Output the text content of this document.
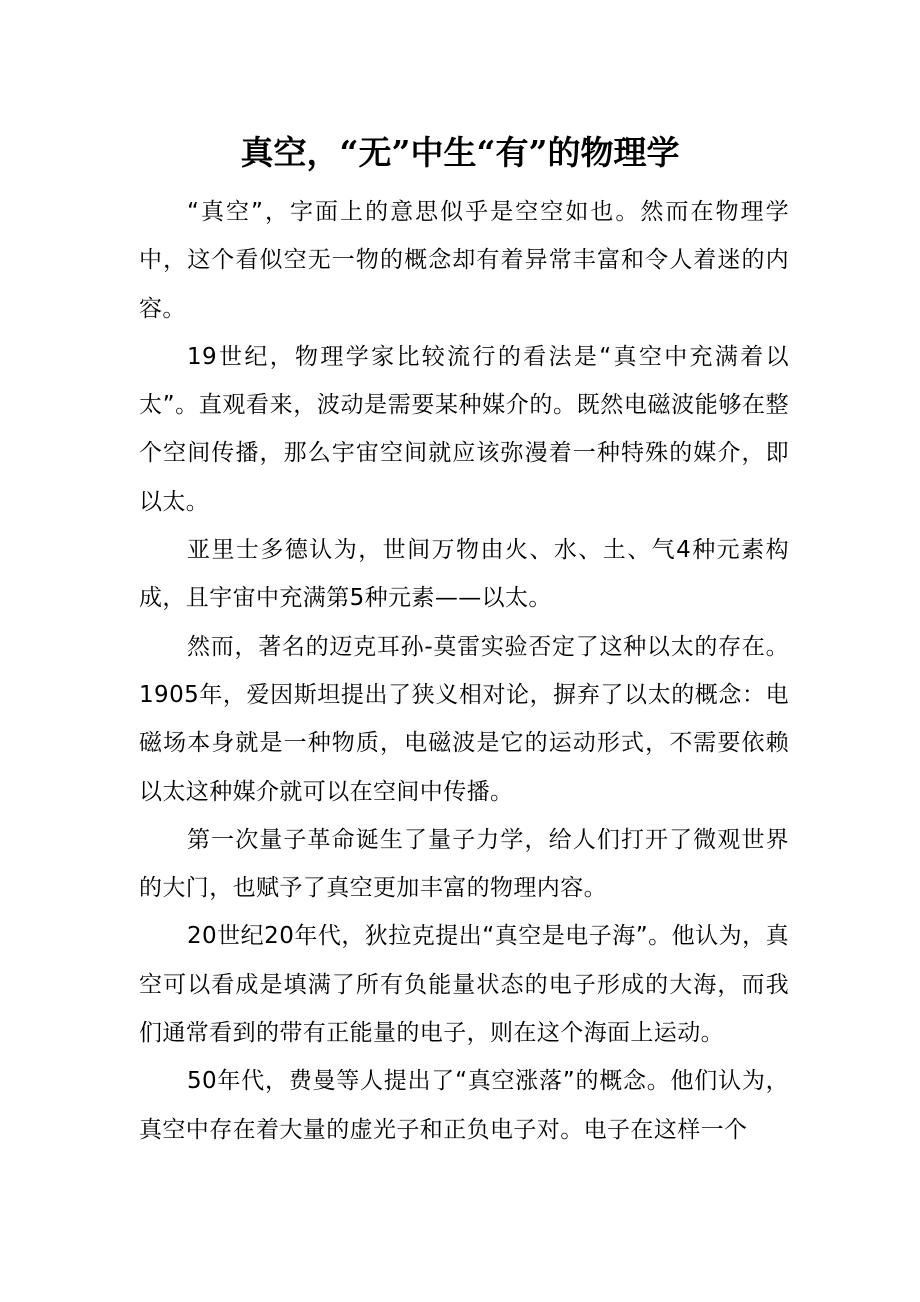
真空，“无”中生“有”的物理学

“真空”，字面上的意思似乎是空空如也。然而在物理学中，这个看似空无一物的概念却有着异常丰富和令人着迷的内容。

19世纪，物理学家比较流行的看法是“真空中充满着以太”。直观看来，波动是需要某种媒介的。既然电磁波能够在整个空间传播，那么宇宙空间就应该弥漫着一种特殊的媒介，即以太。

亚里士多德认为，世间万物由火、水、土、气4种元素构成，且宇宙中充满第5种元素——以太。

然而，著名的迈克耳孙-莫雷实验否定了这种以太的存在。1905年，爱因斯坦提出了狭义相对论，摒弃了以太的概念：电磁场本身就是一种物质，电磁波是它的运动形式，不需要依赖以太这种媒介就可以在空间中传播。

第一次量子革命诞生了量子力学，给人们打开了微观世界的大门，也赋予了真空更加丰富的物理内容。

20世纪20年代，狄拉克提出“真空是电子海”。他认为，真空可以看成是填满了所有负能量状态的电子形成的大海，而我们通常看到的带有正能量的电子，则在这个海面上运动。

50年代，费曼等人提出了“真空涨落”的概念。他们认为，真空中存在着大量的虚光子和正负电子对。电子在这样一个
